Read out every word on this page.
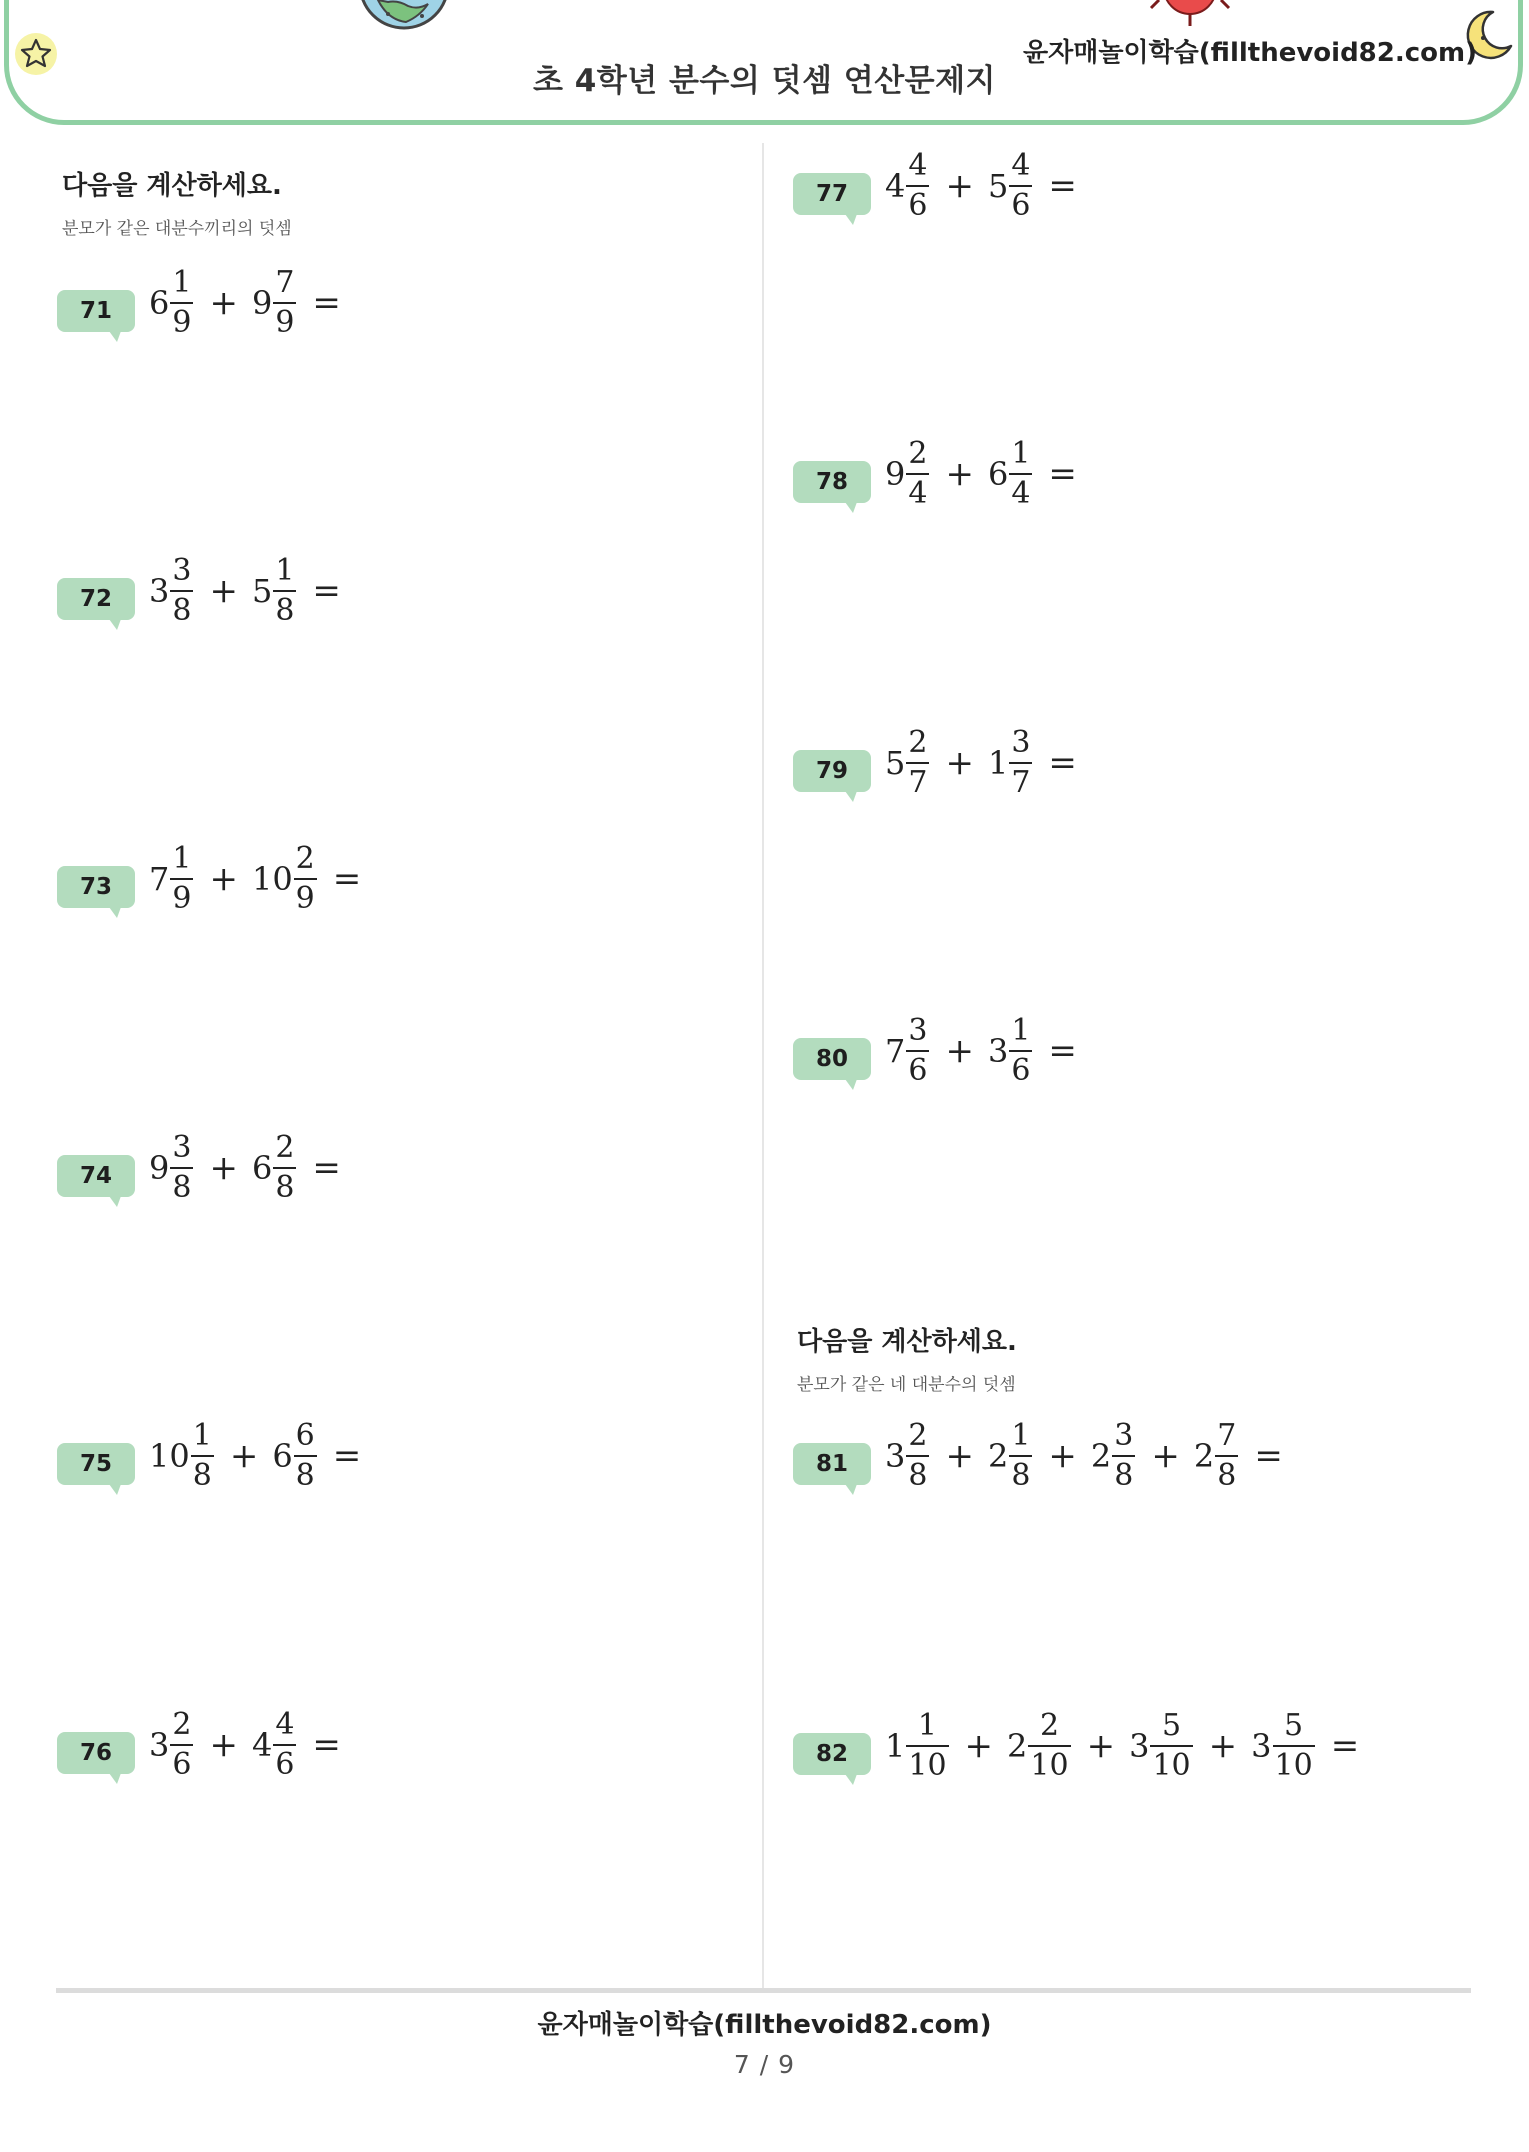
초 4학년 분수의 덧셈 연산문제지
윤자매놀이학습(fillthevoid82.com)
다음을 계산하세요.
분모가 같은 대분수끼리의 덧셈
다음을 계산하세요.
분모가 같은 네 대분수의 덧셈
71	$6 \frac{1}{9} + 9 \frac{7}{9}$ =
72	$3 \frac{3}{8} + 5 \frac{1}{8}$ =
73	$7 \frac{1}{9} + 10 \frac{2}{9}$ =
74	$9 \frac{3}{8} + 6 \frac{2}{8}$ =
75	$10 \frac{1}{8} + 6 \frac{6}{8}$ =
76	$3 \frac{2}{6} + 4 \frac{4}{6}$ =
77	$4 \frac{4}{6} + 5 \frac{4}{6}$ =
78	$9 \frac{2}{4} + 6 \frac{1}{4}$ =
79	$5 \frac{2}{7} + 1 \frac{3}{7}$ =
80	$7 \frac{3}{6} + 3 \frac{1}{6}$ =
81	$3 \frac{2}{8} + 2 \frac{1}{8} + 2 \frac{3}{8} + 2 \frac{7}{8}$ =
82	$1 \frac{1}{10} + 2 \frac{2}{10} + 3 \frac{5}{10} + 3 \frac{5}{10}$ =
윤자매놀이학습(fillthevoid82.com)
7 / 9
